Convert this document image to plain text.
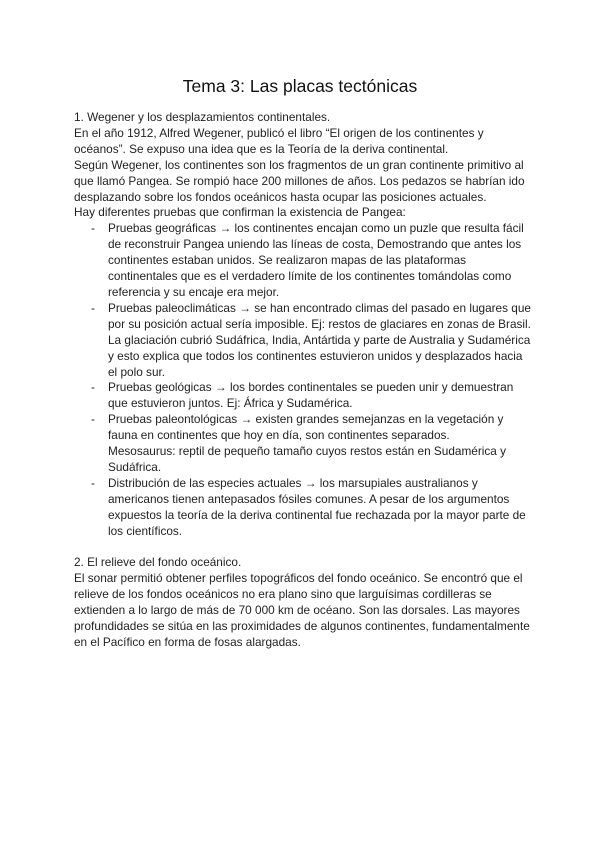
Tema 3: Las placas tectónicas

1. Wegener y los desplazamientos continentales.

En el año 1912, Alfred Wegener, publicó el libro “El origen de los continentes y océanos”. Se expuso una idea que es la Teoría de la deriva continental.

Según Wegener, los continentes son los fragmentos de un gran continente primitivo al que llamó Pangea. Se rompió hace 200 millones de años. Los pedazos se habrían ido desplazando sobre los fondos oceánicos hasta ocupar las posiciones actuales.

Hay diferentes pruebas que confirman la existencia de Pangea:

- Pruebas geográficas → los continentes encajan como un puzle que resulta fácil de reconstruir Pangea uniendo las líneas de costa, Demostrando que antes los continentes estaban unidos. Se realizaron mapas de las plataformas continentales que es el verdadero límite de los continentes tomándolas como referencia y su encaje era mejor.
- Pruebas paleoclimáticas → se han encontrado climas del pasado en lugares que por su posición actual sería imposible. Ej: restos de glaciares en zonas de Brasil.
La glaciación cubrió Sudáfrica, India, Antártida y parte de Australia y Sudamérica y esto explica que todos los continentes estuvieron unidos y desplazados hacia el polo sur.
- Pruebas geológicas → los bordes continentales se pueden unir y demuestran que estuvieron juntos. Ej: África y Sudamérica.
- Pruebas paleontológicas → existen grandes semejanzas en la vegetación y fauna en continentes que hoy en día, son continentes separados.
Mesosaurus: reptil de pequeño tamaño cuyos restos están en Sudamérica y Sudáfrica.
- Distribución de las especies actuales → los marsupiales australianos y americanos tienen antepasados fósiles comunes. A pesar de los argumentos expuestos la teoría de la deriva continental fue rechazada por la mayor parte de los científicos.

2. El relieve del fondo oceánico.

El sonar permitió obtener perfiles topográficos del fondo oceánico. Se encontró que el relieve de los fondos oceánicos no era plano sino que larguísimas cordilleras se extienden a lo largo de más de 70 000 km de océano. Son las dorsales. Las mayores profundidades se sitúa en las proximidades de algunos continentes, fundamentalmente en el Pacífico en forma de fosas alargadas.
